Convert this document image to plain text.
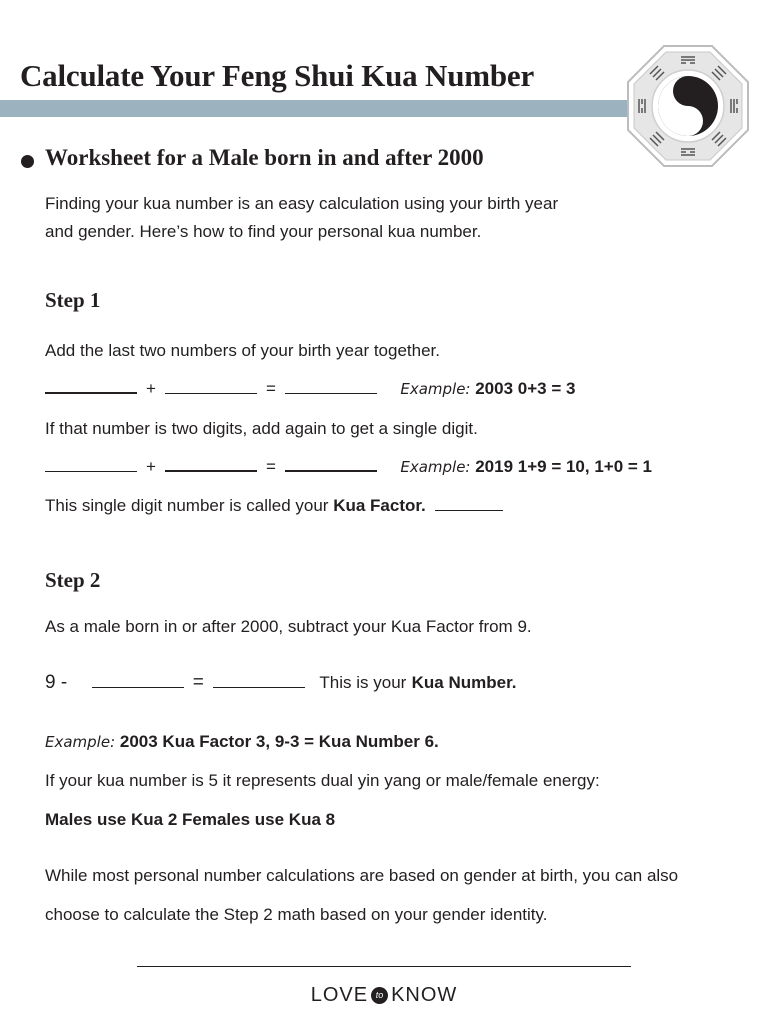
Calculate Your Feng Shui Kua Number
Worksheet for a Male born in and after 2000
Finding your kua number is an easy calculation using your birth year
and gender. Here’s how to find your personal kua number.
Step 1
Add the last two numbers of your birth year together.
+	=	Example: 2003 0+3 = 3
If that number is two digits, add again to get a single digit.
+	=	Example: 2019 1+9 = 10, 1+0 = 1
This single digit number is called your Kua Factor.
Step 2
As a male born in or after 2000, subtract your Kua Factor from 9.
9 -	=	This is your Kua Number.
Example: 2003 Kua Factor 3, 9-3 = Kua Number 6.
If your kua number is 5 it represents dual yin yang or male/female energy:
Males use Kua 2 Females use Kua 8
While most personal number calculations are based on gender at birth, you can also
choose to calculate the Step 2 math based on your gender identity.
LOVE to KNOW
